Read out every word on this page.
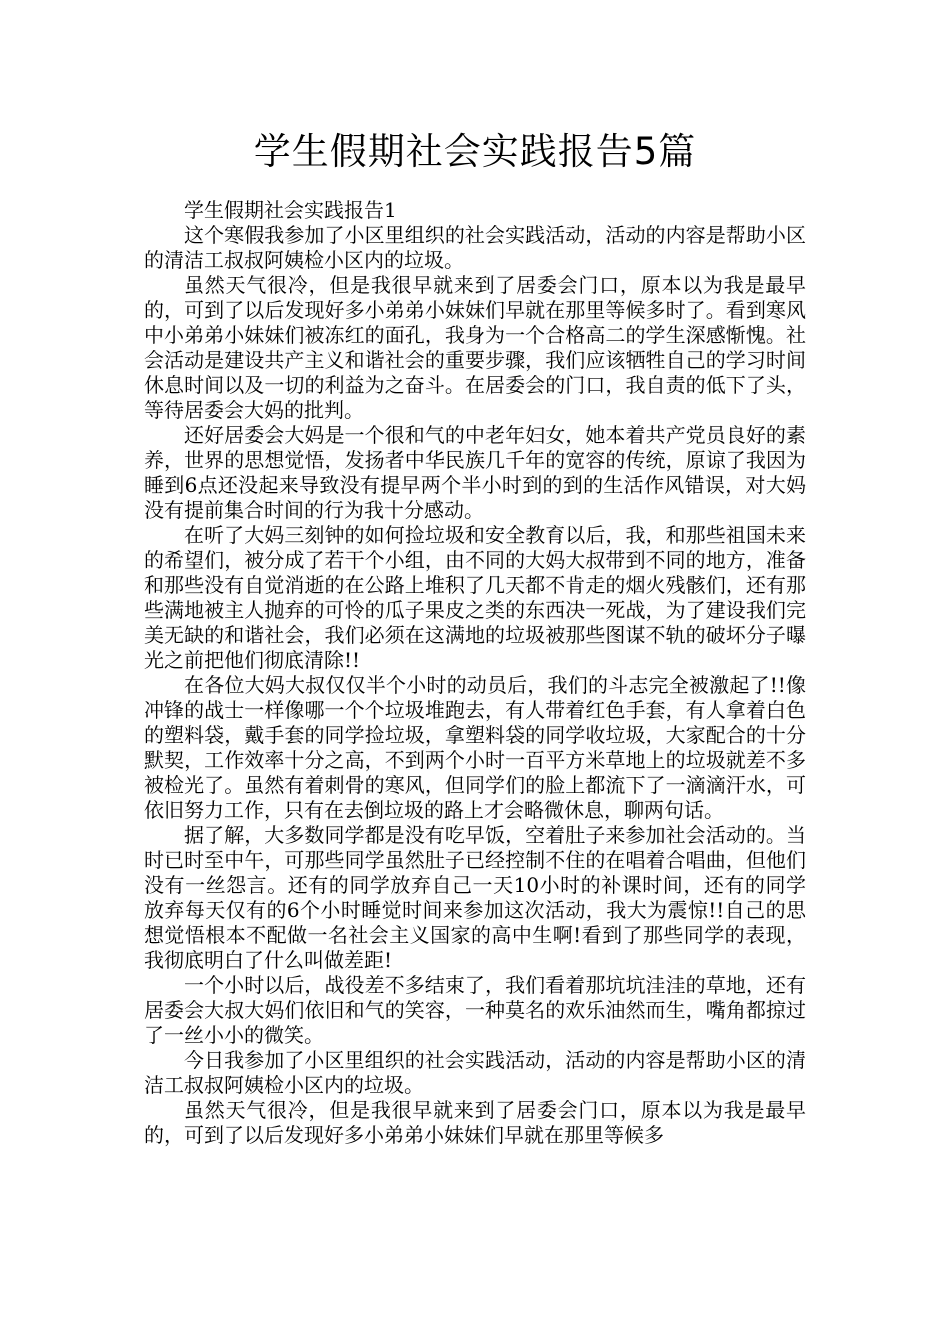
学生假期社会实践报告5篇

学生假期社会实践报告1

这个寒假我参加了小区里组织的社会实践活动，活动的内容是帮助小区的清洁工叔叔阿姨检小区内的垃圾。

虽然天气很冷，但是我很早就来到了居委会门口，原本以为我是最早的，可到了以后发现好多小弟弟小妹妹们早就在那里等候多时了。看到寒风中小弟弟小妹妹们被冻红的面孔，我身为一个合格高二的学生深感惭愧。社会活动是建设共产主义和谐社会的重要步骤，我们应该牺牲自己的学习时间休息时间以及一切的利益为之奋斗。在居委会的门口，我自责的低下了头，等待居委会大妈的批判。

还好居委会大妈是一个很和气的中老年妇女，她本着共产党员良好的素养，世界的思想觉悟，发扬者中华民族几千年的宽容的传统，原谅了我因为睡到6点还没起来导致没有提早两个半小时到的到的生活作风错误，对大妈没有提前集合时间的行为我十分感动。

在听了大妈三刻钟的如何捡垃圾和安全教育以后，我，和那些祖国未来的希望们，被分成了若干个小组，由不同的大妈大叔带到不同的地方，准备和那些没有自觉消逝的在公路上堆积了几天都不肯走的烟火残骸们，还有那些满地被主人抛弃的可怜的瓜子果皮之类的东西决一死战，为了建设我们完美无缺的和谐社会，我们必须在这满地的垃圾被那些图谋不轨的破坏分子曝光之前把他们彻底清除!!

在各位大妈大叔仅仅半个小时的动员后，我们的斗志完全被激起了!!像冲锋的战士一样像哪一个个垃圾堆跑去，有人带着红色手套，有人拿着白色的塑料袋，戴手套的同学捡垃圾，拿塑料袋的同学收垃圾，大家配合的十分默契，工作效率十分之高，不到两个小时一百平方米草地上的垃圾就差不多被检光了。虽然有着刺骨的寒风，但同学们的脸上都流下了一滴滴汗水，可依旧努力工作，只有在去倒垃圾的路上才会略微休息，聊两句话。

据了解，大多数同学都是没有吃早饭，空着肚子来参加社会活动的。当时已时至中午，可那些同学虽然肚子已经控制不住的在唱着合唱曲，但他们没有一丝怨言。还有的同学放弃自己一天10小时的补课时间，还有的同学放弃每天仅有的6个小时睡觉时间来参加这次活动，我大为震惊!!自己的思想觉悟根本不配做一名社会主义国家的高中生啊!看到了那些同学的表现，我彻底明白了什么叫做差距!

一个小时以后，战役差不多结束了，我们看着那坑坑洼洼的草地，还有居委会大叔大妈们依旧和气的笑容，一种莫名的欢乐油然而生，嘴角都掠过了一丝小小的微笑。

今日我参加了小区里组织的社会实践活动，活动的内容是帮助小区的清洁工叔叔阿姨检小区内的垃圾。

虽然天气很冷，但是我很早就来到了居委会门口，原本以为我是最早的，可到了以后发现好多小弟弟小妹妹们早就在那里等候多
